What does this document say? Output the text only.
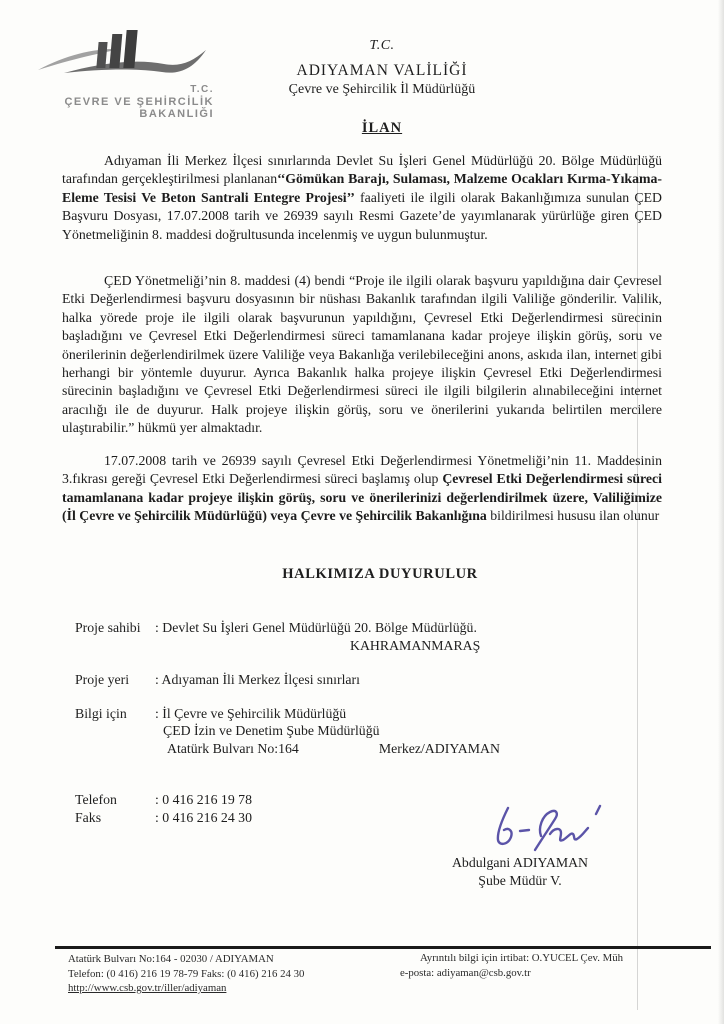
T.C.
ÇEVRE VE ŞEHİRCİLİK
BAKANLIĞI
T.C.
ADIYAMAN VALİLİĞİ
Çevre ve Şehircilik İl Müdürlüğü
İLAN
Adıyaman İli Merkez İlçesi sınırlarında Devlet Su İşleri Genel Müdürlüğü 20. Bölge Müdürlüğü tarafından gerçekleştirilmesi planlanan‘‘Gömükan Barajı, Sulaması, Malzeme Ocakları Kırma-Yıkama-Eleme Tesisi Ve Beton Santrali Entegre Projesi’’ faaliyeti ile ilgili olarak Bakanlığımıza sunulan ÇED Başvuru Dosyası, 17.07.2008 tarih ve 26939 sayılı Resmi Gazete’de yayımlanarak yürürlüğe giren ÇED Yönetmeliğinin 8. maddesi doğrultusunda incelenmiş ve uygun bulunmuştur.
ÇED Yönetmeliği’nin 8. maddesi (4) bendi “Proje ile ilgili olarak başvuru yapıldığına dair Çevresel Etki Değerlendirmesi başvuru dosyasının bir nüshası Bakanlık tarafından ilgili Valiliğe gönderilir. Valilik, halka yörede proje ile ilgili olarak başvurunun yapıldığını, Çevresel Etki Değerlendirmesi sürecinin başladığını ve Çevresel Etki Değerlendirmesi süreci tamamlanana kadar projeye ilişkin görüş, soru ve önerilerinin değerlendirilmek üzere Valiliğe veya Bakanlığa verilebileceğini anons, askıda ilan, internet gibi herhangi bir yöntemle duyurur. Ayrıca Bakanlık halka projeye ilişkin Çevresel Etki Değerlendirmesi sürecinin başladığını ve Çevresel Etki Değerlendirmesi süreci ile ilgili bilgilerin alınabileceğini internet aracılığı ile de duyurur. Halk projeye ilişkin görüş, soru ve önerilerini yukarıda belirtilen mercilere ulaştırabilir.” hükmü yer almaktadır.
17.07.2008 tarih ve 26939 sayılı Çevresel Etki Değerlendirmesi Yönetmeliği’nin 11. Maddesinin 3.fıkrası gereği Çevresel Etki Değerlendirmesi süreci başlamış olup Çevresel Etki Değerlendirmesi süreci tamamlanana kadar projeye ilişkin görüş, soru ve önerilerinizi değerlendirilmek üzere, Valiliğimize (İl Çevre ve Şehircilik Müdürlüğü) veya Çevre ve Şehircilik Bakanlığına bildirilmesi hususu ilan olunur
HALKIMIZA DUYURULUR
Proje sahibi : Devlet Su İşleri Genel Müdürlüğü 20. Bölge Müdürlüğü.
KAHRAMANMARAŞ
Proje yeri : Adıyaman İli Merkez İlçesi sınırları
Bilgi için : İl Çevre ve Şehircilik Müdürlüğü
ÇED İzin ve Denetim Şube Müdürlüğü
Atatürk Bulvarı No:164	Merkez/ADIYAMAN
Telefon	: 0 416 216 19 78
Faks	: 0 416 216 24 30
Abdulgani ADIYAMAN
Şube Müdür V.
Atatürk Bulvarı No:164 - 02030 / ADIYAMAN
Telefon: (0 416) 216 19 78-79 Faks: (0 416) 216 24 30
http://www.csb.gov.tr/iller/adiyaman
Ayrıntılı bilgi için irtibat: O.YUCEL Çev. Müh
e-posta: adiyaman@csb.gov.tr
